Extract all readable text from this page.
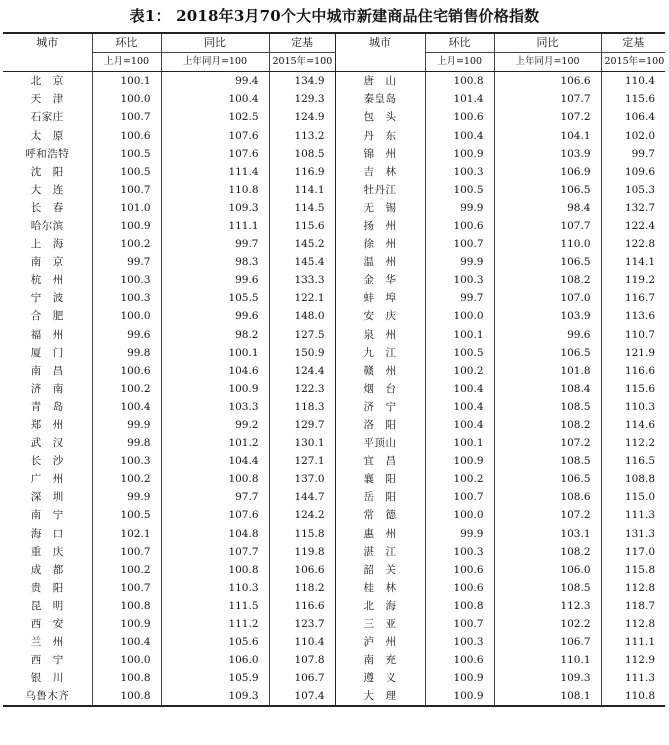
表1： 2018年3月70个大中城市新建商品住宅销售价格指数
城市	环比	同比	定基	城市	环比	同比	定基
	上月=100	上年同月=100	2015年=100		上月=100	上年同月=100	2015年=100
北　京	100.1	99.4	134.9	唐　山	100.8	106.6	110.4
天　津	100.0	100.4	129.3	秦皇岛	101.4	107.7	115.6
石家庄	100.7	102.5	124.9	包　头	100.6	107.2	106.4
太　原	100.6	107.6	113.2	丹　东	100.4	104.1	102.0
呼和浩特	100.5	107.6	108.5	锦　州	100.9	103.9	99.7
沈　阳	100.5	111.4	116.9	吉　林	100.3	106.9	109.6
大　连	100.7	110.8	114.1	牡丹江	100.5	106.5	105.3
长　春	101.0	109.3	114.5	无　锡	99.9	98.4	132.7
哈尔滨	100.9	111.1	115.6	扬　州	100.6	107.7	122.4
上　海	100.2	99.7	145.2	徐　州	100.7	110.0	122.8
南　京	99.7	98.3	145.4	温　州	99.9	106.5	114.1
杭　州	100.3	99.6	133.3	金　华	100.3	108.2	119.2
宁　波	100.3	105.5	122.1	蚌　埠	99.7	107.0	116.7
合　肥	100.0	99.6	148.0	安　庆	100.0	103.9	113.6
福　州	99.6	98.2	127.5	泉　州	100.1	99.6	110.7
厦　门	99.8	100.1	150.9	九　江	100.5	106.5	121.9
南　昌	100.6	104.6	124.4	赣　州	100.2	101.8	116.6
济　南	100.2	100.9	122.3	烟　台	100.4	108.4	115.6
青　岛	100.4	103.3	118.3	济　宁	100.4	108.5	110.3
郑　州	99.9	99.2	129.7	洛　阳	100.4	108.2	114.6
武　汉	99.8	101.2	130.1	平顶山	100.1	107.2	112.2
长　沙	100.3	104.4	127.1	宜　昌	100.9	108.5	116.5
广　州	100.2	100.8	137.0	襄　阳	100.2	106.5	108.8
深　圳	99.9	97.7	144.7	岳　阳	100.7	108.6	115.0
南　宁	100.5	107.6	124.2	常　德	100.0	107.2	111.3
海　口	102.1	104.8	115.8	惠　州	99.9	103.1	131.3
重　庆	100.7	107.7	119.8	湛　江	100.3	108.2	117.0
成　都	100.2	100.8	106.6	韶　关	100.6	106.0	115.8
贵　阳	100.7	110.3	118.2	桂　林	100.6	108.5	112.8
昆　明	100.8	111.5	116.6	北　海	100.8	112.3	118.7
西　安	100.9	111.2	123.7	三　亚	100.7	102.2	112.8
兰　州	100.4	105.6	110.4	泸　州	100.3	106.7	111.1
西　宁	100.0	106.0	107.8	南　充	100.6	110.1	112.9
银　川	100.8	105.9	106.7	遵　义	100.9	109.3	111.3
乌鲁木齐	100.8	109.3	107.4	大　理	100.9	108.1	110.8
